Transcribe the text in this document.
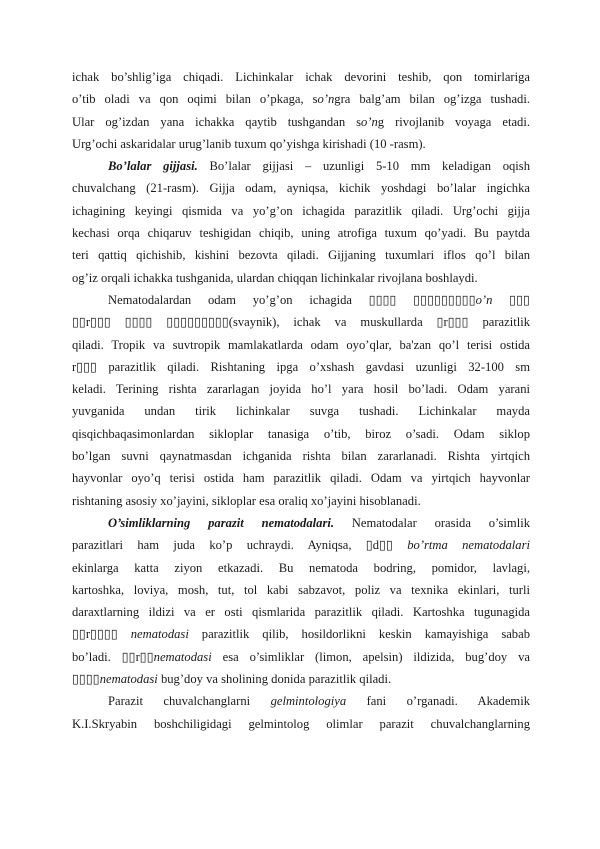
ichak bo’shlig’iga chiqadi. Lichinkalar ichak devorini teshib, qon tomirlariga
o’tib oladi va qon oqimi bilan o’pkaga, so’ngra balg’am bilan og’izga tushadi.
Ular og’izdan yana ichakka qaytib tushgandan so’ng rivojlanib voyaga etadi.

Urg’ochi askaridalar urug’lanib tuxum qo’yishga kirishadi (10 -rasm).

Bo’lalar gijjasi. Bo’lalar gijjasi – uzunligi 5-10 mm keladigan oqish
chuvalchang (21-rasm). Gijja odam, ayniqsa, kichik yoshdagi bo’lalar ingichka
ichagining keyingi qismida va yo’g’on ichagida parazitlik qiladi. Urg’ochi gijja
kechasi orqa chiqaruv teshigidan chiqib, uning atrofiga tuxum qo’yadi. Bu paytda
teri qattiq qichishib, kishini bezovta qiladi. Gijjaning tuxumlari iflos qo’l bilan

og’iz orqali ichakka tushganida, ulardan chiqqan lichinkalar rivojlana boshlaydi.

Nematodalardan odam yo’g’on ichagida ▯▯▯▯ ▯▯▯▯▯▯▯▯▯o’n ▯▯▯
▯▯r▯▯▯ ▯▯▯▯ ▯▯▯▯▯▯▯▯▯(svaynik), ichak va muskullarda ▯r▯▯▯ parazitlik
qiladi. Tropik va suvtropik mamlakatlarda odam oyo’qlar, ba'zan qo’l terisi ostida
r▯▯▯ parazitlik qiladi. Rishtaning ipga o’xshash gavdasi uzunligi 32-100 sm
keladi. Terining rishta zararlagan joyida ho’l yara hosil bo’ladi. Odam yarani
yuvganida undan tirik lichinkalar suvga tushadi. Lichinkalar mayda
qisqichbaqasimonlardan sikloplar tanasiga o’tib, biroz o’sadi. Odam siklop
bo’lgan suvni qaynatmasdan ichganida rishta bilan zararlanadi. Rishta yirtqich
hayvonlar oyo’q terisi ostida ham parazitlik qiladi. Odam va yirtqich hayvonlar

rishtaning asosiy xo’jayini, sikloplar esa oraliq xo’jayini hisoblanadi.

O’simliklarning parazit nematodalari. Nematodalar orasida o’simlik
parazitlari ham juda ko’p uchraydi. Ayniqsa, ▯d▯▯ bo’rtma nematodalari
ekinlarga katta ziyon etkazadi. Bu nematoda bodring, pomidor, lavlagi,
kartoshka, loviya, mosh, tut, tol kabi sabzavot, poliz va texnika ekinlari, turli
daraxtlarning ildizi va er osti qismlarida parazitlik qiladi. Kartoshka tugunagida
▯▯r▯▯▯▯ nematodasi parazitlik qilib, hosildorlikni keskin kamayishiga sabab
bo’ladi. ▯▯r▯▯nematodasi esa o’simliklar (limon, apelsin) ildizida, bug’doy va

▯▯▯▯nematodasi bug’doy va sholining donida parazitlik qiladi.

Parazit chuvalchanglarni gelmintologiya fani o’rganadi. Akademik
K.I.Skryabin boshchiligidagi gelmintolog olimlar parazit chuvalchanglarning
